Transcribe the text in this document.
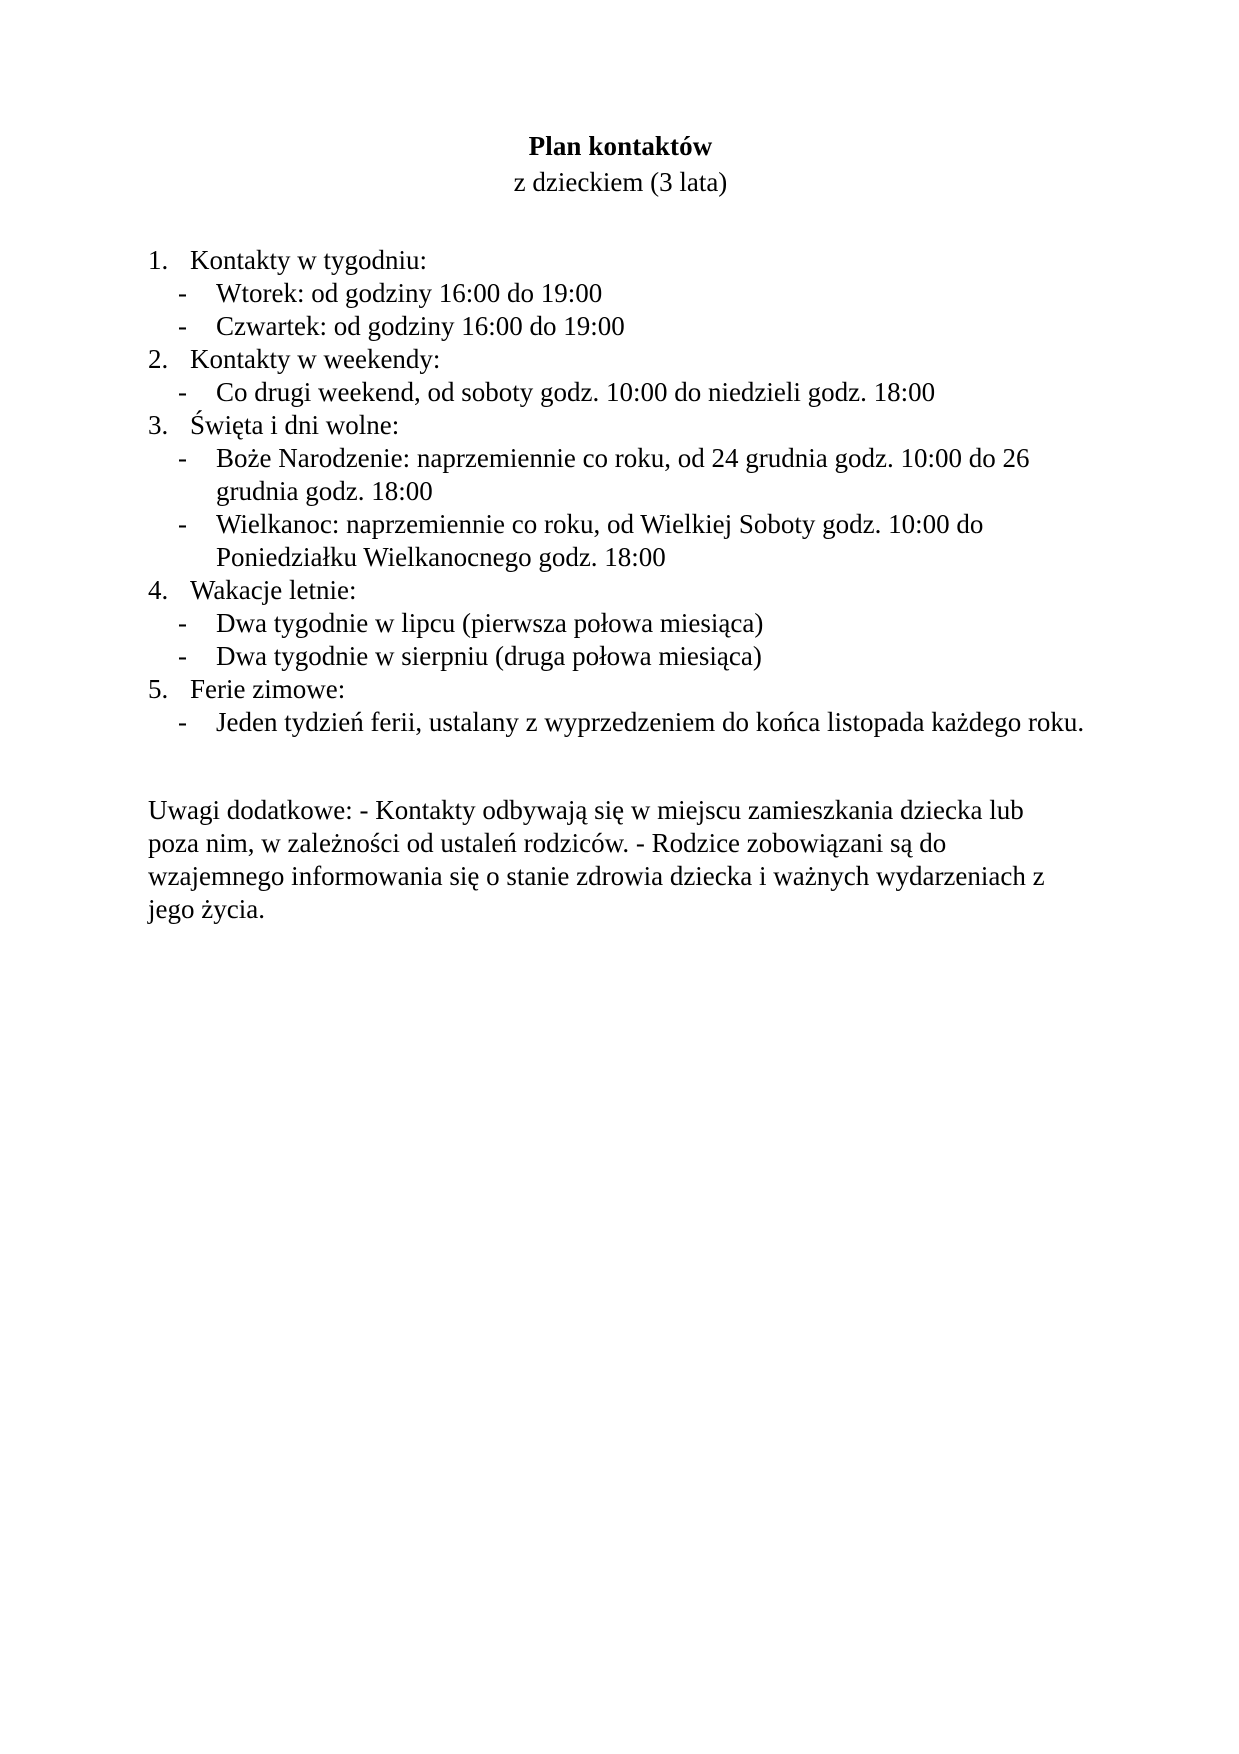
Plan kontaktów
z dzieckiem (3 lata)
1. Kontakty w tygodniu:
- Wtorek: od godziny 16:00 do 19:00
- Czwartek: od godziny 16:00 do 19:00
2. Kontakty w weekendy:
- Co drugi weekend, od soboty godz. 10:00 do niedzieli godz. 18:00
3. Święta i dni wolne:
- Boże Narodzenie: naprzemiennie co roku, od 24 grudnia godz. 10:00 do 26 grudnia godz. 18:00
- Wielkanoc: naprzemiennie co roku, od Wielkiej Soboty godz. 10:00 do Poniedziałku Wielkanocnego godz. 18:00
4. Wakacje letnie:
- Dwa tygodnie w lipcu (pierwsza połowa miesiąca)
- Dwa tygodnie w sierpniu (druga połowa miesiąca)
5. Ferie zimowe:
- Jeden tydzień ferii, ustalany z wyprzedzeniem do końca listopada każdego roku.
Uwagi dodatkowe: - Kontakty odbywają się w miejscu zamieszkania dziecka lub poza nim, w zależności od ustaleń rodziców. - Rodzice zobowiązani są do wzajemnego informowania się o stanie zdrowia dziecka i ważnych wydarzeniach z jego życia.
